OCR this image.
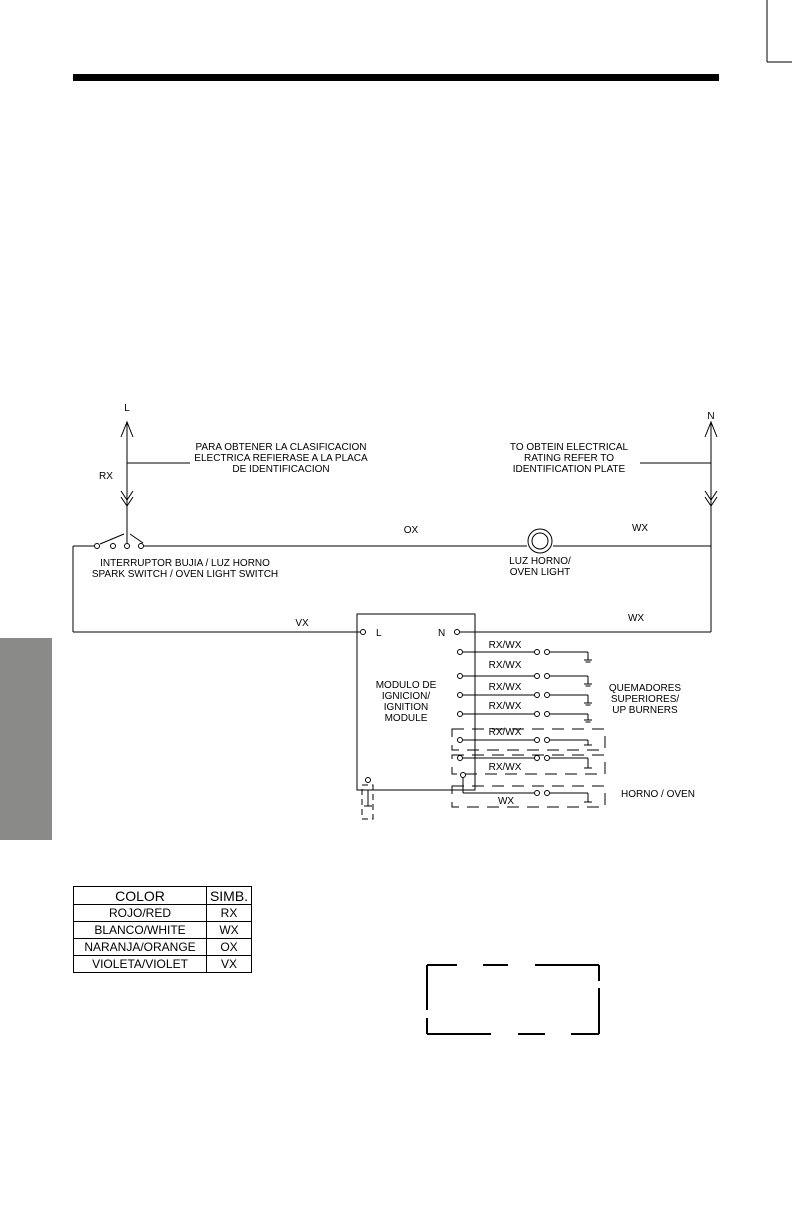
L
N
RX
PARA OBTENER LA CLASIFICACION
ELECTRICA REFIERASE A LA PLACA
DE IDENTIFICACION
TO OBTEIN ELECTRICAL
RATING REFER TO
IDENTIFICATION PLATE
OX	WX
VX	WX
INTERRUPTOR BUJIA / LUZ HORNO
SPARK SWITCH / OVEN LIGHT SWITCH
LUZ HORNO/
OVEN LIGHT
L	N
MODULO DE
IGNICION/
IGNITION
MODULE
RX/WX
RX/WX
RX/WX
RX/WX
RX/WX
RX/WX
WX
QUEMADORES
SUPERIORES/
UP BURNERS
HORNO / OVEN
COLOR	SIMB.
ROJO/RED	RX
BLANCO/WHITE	WX
NARANJA/ORANGE	OX
VIOLETA/VIOLET	VX
